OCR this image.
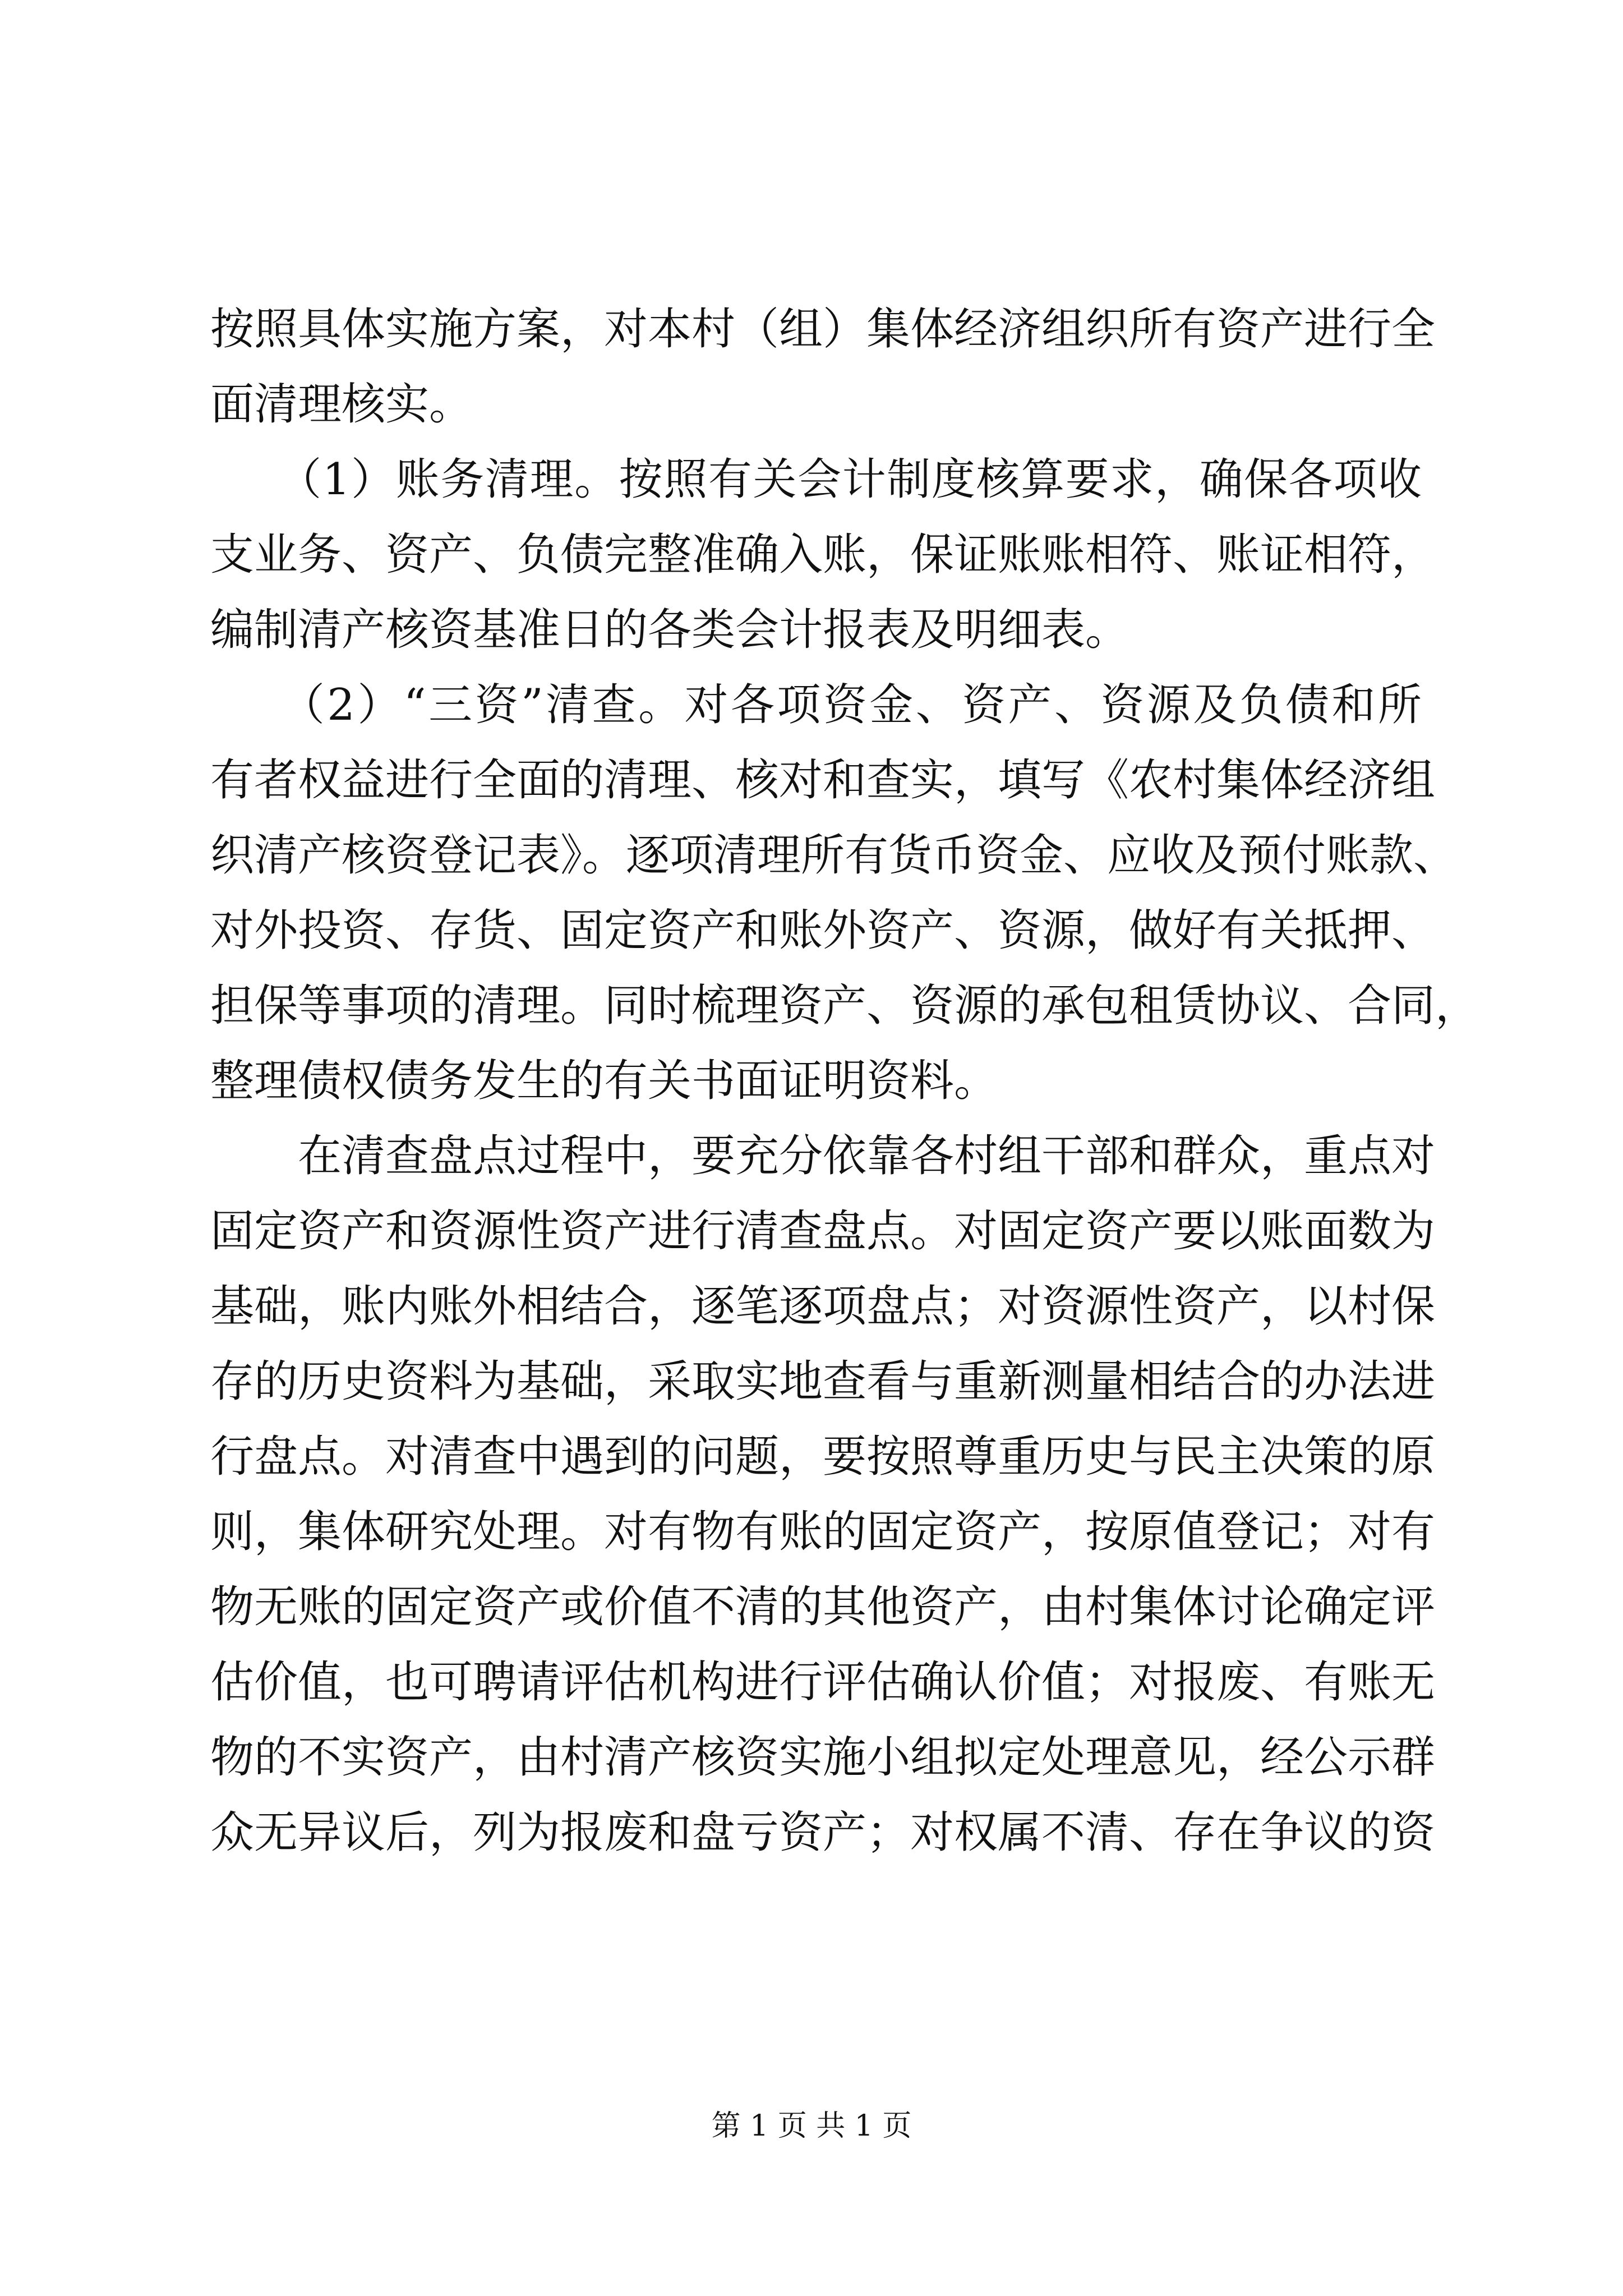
按照具体实施方案，对本村（组）集体经济组织所有资产进行全
面清理核实。
　　（1）账务清理。按照有关会计制度核算要求，确保各项收
支业务、资产、负债完整准确入账，保证账账相符、账证相符，
编制清产核资基准日的各类会计报表及明细表。
　　（2）“三资”清查。对各项资金、资产、资源及负债和所
有者权益进行全面的清理、核对和查实，填写《农村集体经济组
织清产核资登记表》。逐项清理所有货币资金、应收及预付账款、
对外投资、存货、固定资产和账外资产、资源，做好有关抵押、
担保等事项的清理。同时梳理资产、资源的承包租赁协议、合同，
整理债权债务发生的有关书面证明资料。
　　在清查盘点过程中，要充分依靠各村组干部和群众，重点对
固定资产和资源性资产进行清查盘点。对固定资产要以账面数为
基础，账内账外相结合，逐笔逐项盘点；对资源性资产，以村保
存的历史资料为基础，采取实地查看与重新测量相结合的办法进
行盘点。对清查中遇到的问题，要按照尊重历史与民主决策的原
则，集体研究处理。对有物有账的固定资产，按原值登记；对有
物无账的固定资产或价值不清的其他资产，由村集体讨论确定评
估价值，也可聘请评估机构进行评估确认价值；对报废、有账无
物的不实资产，由村清产核资实施小组拟定处理意见，经公示群
众无异议后，列为报废和盘亏资产；对权属不清、存在争议的资
第 1 页 共 1 页
